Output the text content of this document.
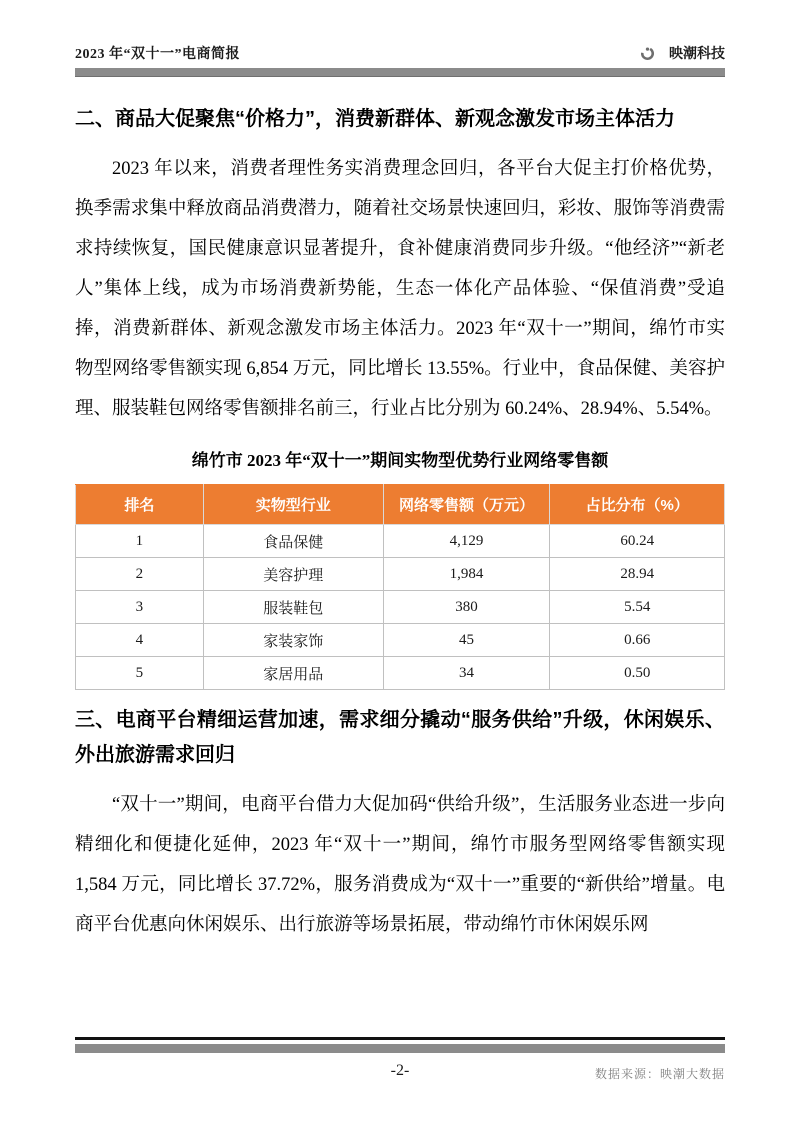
2023 年“双十一”电商简报	映潮科技
二、商品大促聚焦“价格力”，消费新群体、新观念激发市场主体活力
2023 年以来，消费者理性务实消费理念回归，各平台大促主打价格优势，换季需求集中释放商品消费潜力，随着社交场景快速回归，彩妆、服饰等消费需求持续恢复，国民健康意识显著提升，食补健康消费同步升级。“他经济”“新老人”集体上线，成为市场消费新势能，生态一体化产品体验、“保值消费”受追捧，消费新群体、新观念激发市场主体活力。2023 年“双十一”期间，绵竹市实物型网络零售额实现 6,854 万元，同比增长 13.55%。行业中，食品保健、美容护理、服装鞋包网络零售额排名前三，行业占比分别为 60.24%、28.94%、5.54%。
绵竹市 2023 年“双十一”期间实物型优势行业网络零售额
排名	实物型行业	网络零售额（万元）	占比分布（%）
1	食品保健	4,129	60.24
2	美容护理	1,984	28.94
3	服装鞋包	380	5.54
4	家装家饰	45	0.66
5	家居用品	34	0.50
三、电商平台精细运营加速，需求细分撬动“服务供给”升级，休闲娱乐、外出旅游需求回归
“双十一”期间，电商平台借力大促加码“供给升级”，生活服务业态进一步向精细化和便捷化延伸，2023 年“双十一”期间，绵竹市服务型网络零售额实现 1,584 万元，同比增长 37.72%，服务消费成为“双十一”重要的“新供给”增量。电商平台优惠向休闲娱乐、出行旅游等场景拓展，带动绵竹市休闲娱乐网
-2-	数据来源：映潮大数据
